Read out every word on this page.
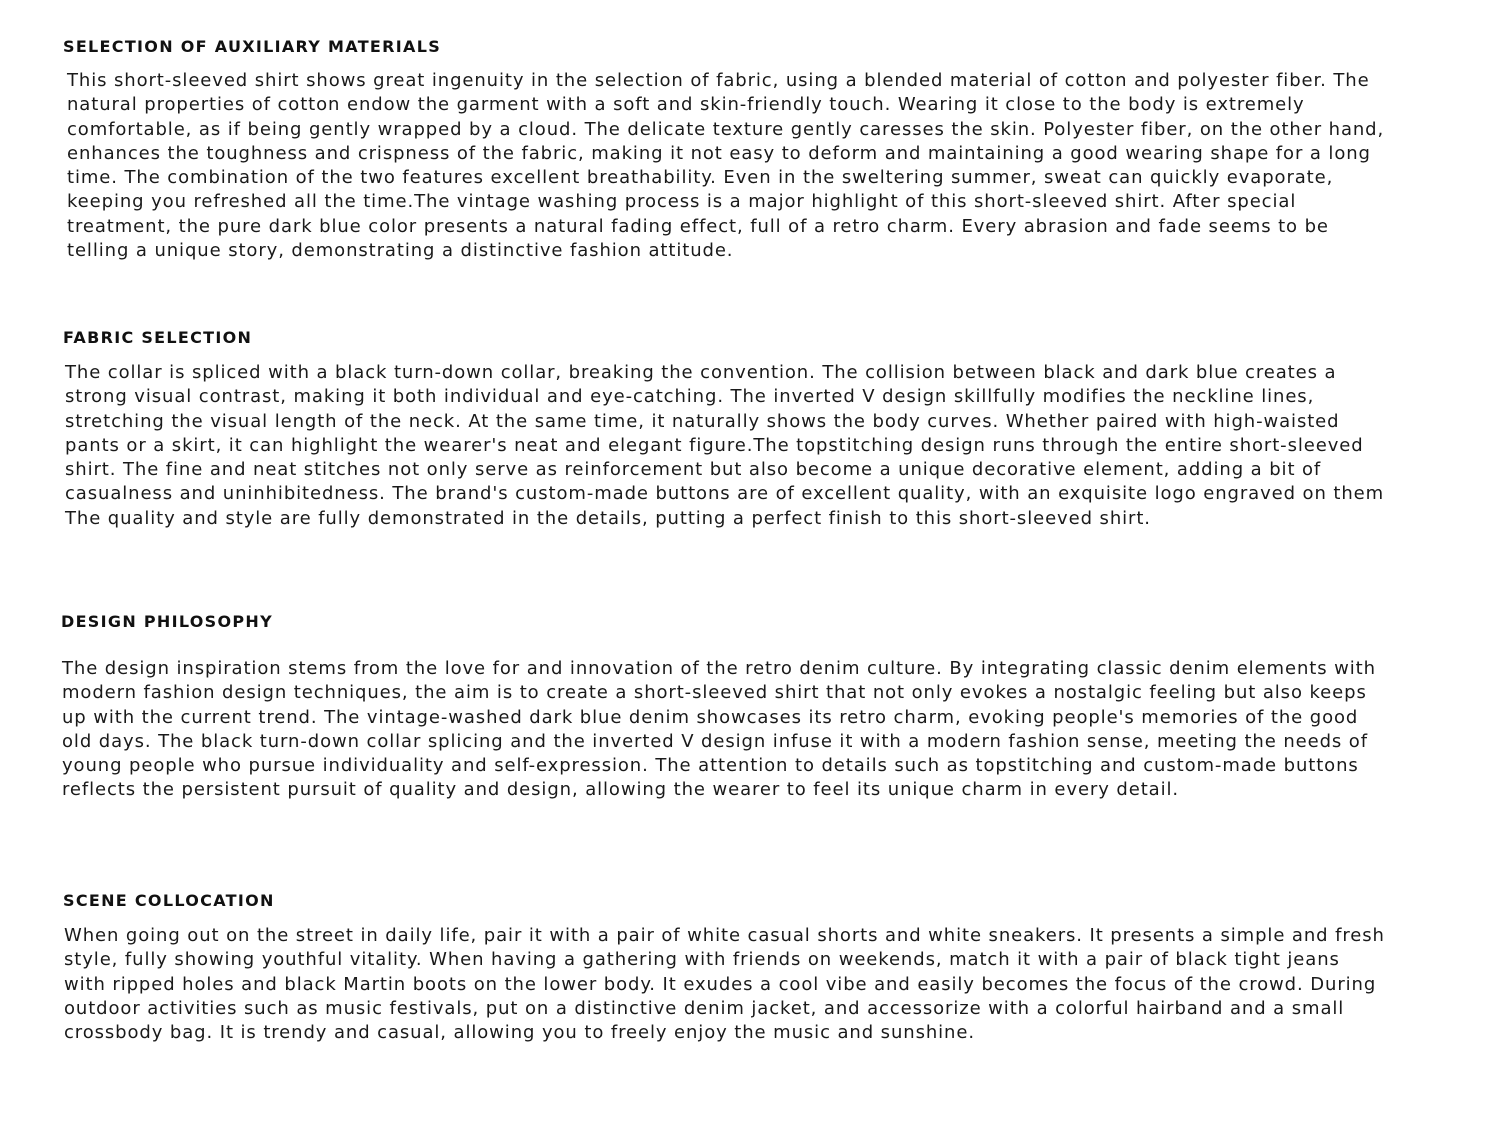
SELECTION OF AUXILIARY MATERIALS

This short-sleeved shirt shows great ingenuity in the selection of fabric, using a blended material of cotton and polyester fiber. The
natural properties of cotton endow the garment with a soft and skin-friendly touch. Wearing it close to the body is extremely
comfortable, as if being gently wrapped by a cloud. The delicate texture gently caresses the skin. Polyester fiber, on the other hand,
enhances the toughness and crispness of the fabric, making it not easy to deform and maintaining a good wearing shape for a long
time. The combination of the two features excellent breathability. Even in the sweltering summer, sweat can quickly evaporate,
keeping you refreshed all the time.The vintage washing process is a major highlight of this short-sleeved shirt. After special
treatment, the pure dark blue color presents a natural fading effect, full of a retro charm. Every abrasion and fade seems to be
telling a unique story, demonstrating a distinctive fashion attitude.

FABRIC SELECTION

The collar is spliced with a black turn-down collar, breaking the convention. The collision between black and dark blue creates a
strong visual contrast, making it both individual and eye-catching. The inverted V design skillfully modifies the neckline lines,
stretching the visual length of the neck. At the same time, it naturally shows the body curves. Whether paired with high-waisted
pants or a skirt, it can highlight the wearer's neat and elegant figure.The topstitching design runs through the entire short-sleeved
shirt. The fine and neat stitches not only serve as reinforcement but also become a unique decorative element, adding a bit of
casualness and uninhibitedness. The brand's custom-made buttons are of excellent quality, with an exquisite logo engraved on them
The quality and style are fully demonstrated in the details, putting a perfect finish to this short-sleeved shirt.

DESIGN PHILOSOPHY

The design inspiration stems from the love for and innovation of the retro denim culture. By integrating classic denim elements with
modern fashion design techniques, the aim is to create a short-sleeved shirt that not only evokes a nostalgic feeling but also keeps
up with the current trend. The vintage-washed dark blue denim showcases its retro charm, evoking people's memories of the good
old days. The black turn-down collar splicing and the inverted V design infuse it with a modern fashion sense, meeting the needs of
young people who pursue individuality and self-expression. The attention to details such as topstitching and custom-made buttons
reflects the persistent pursuit of quality and design, allowing the wearer to feel its unique charm in every detail.

SCENE COLLOCATION

When going out on the street in daily life, pair it with a pair of white casual shorts and white sneakers. It presents a simple and fresh
style, fully showing youthful vitality. When having a gathering with friends on weekends, match it with a pair of black tight jeans
with ripped holes and black Martin boots on the lower body. It exudes a cool vibe and easily becomes the focus of the crowd. During
outdoor activities such as music festivals, put on a distinctive denim jacket, and accessorize with a colorful hairband and a small
crossbody bag. It is trendy and casual, allowing you to freely enjoy the music and sunshine.
